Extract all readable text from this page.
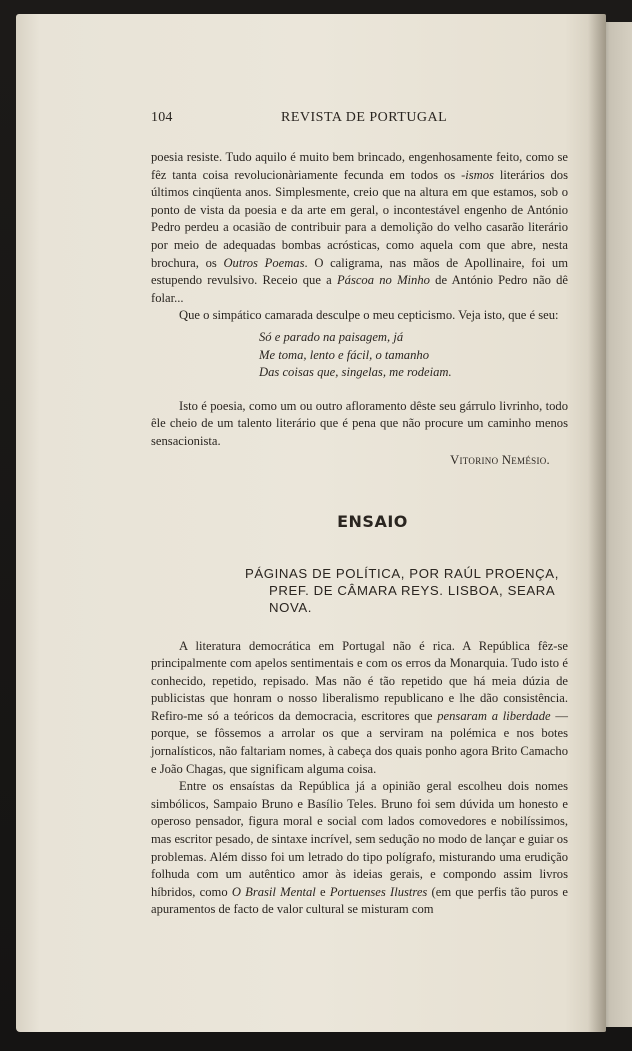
104	REVISTA DE PORTUGAL

poesia resiste. Tudo aquilo é muito bem brincado, engenhosamente feito, como se fêz tanta coisa revolucionàriamente fecunda em todos os -ismos literários dos últimos cinqüenta anos. Simplesmente, creio que na altura em que estamos, sob o ponto de vista da poesia e da arte em geral, o incontestável engenho de António Pedro perdeu a ocasião de contribuir para a demolição do velho casarão literário por meio de adequadas bombas acrósticas, como aquela com que abre, nesta brochura, os Outros Poemas. O caligrama, nas mãos de Apollinaire, foi um estupendo revulsivo. Receio que a Páscoa no Minho de António Pedro não dê folar...

Que o simpático camarada desculpe o meu cepticismo. Veja isto, que é seu:

Só e parado na paisagem, já
Me toma, lento e fácil, o tamanho
Das coisas que, singelas, me rodeiam.

Isto é poesia, como um ou outro afloramento dêste seu gárrulo livrinho, todo êle cheio de um talento literário que é pena que não procure um caminho menos sensacionista.

Vitorino Nemésio.
ENSAIO
PÁGINAS DE POLÍTICA, POR RAÚL PROENÇA,
PREF. DE CÂMARA REYS. LISBOA, SEARA
NOVA.

A literatura democrática em Portugal não é rica. A República fêz-se principalmente com apelos sentimentais e com os erros da Monarquia. Tudo isto é conhecido, repetido, repisado. Mas não é tão repetido que há meia dúzia de publicistas que honram o nosso liberalismo republicano e lhe dão consistência. Refiro-me só a teóricos da democracia, escritores que pensaram a liberdade — porque, se fôssemos a arrolar os que a serviram na polémica e nos botes jornalísticos, não faltariam nomes, à cabeça dos quais ponho agora Brito Camacho e João Chagas, que significam alguma coisa.

Entre os ensaístas da República já a opinião geral escolheu dois nomes simbólicos, Sampaio Bruno e Basílio Teles. Bruno foi sem dúvida um honesto e operoso pensador, figura moral e social com lados comovedores e nobilíssimos, mas escritor pesado, de sintaxe incrível, sem sedução no modo de lançar e guiar os problemas. Além disso foi um letrado do tipo polígrafo, misturando uma erudição folhuda com um autêntico amor às ideias gerais, e compondo assim livros híbridos, como O Brasil Mental e Portuenses Ilustres (em que perfis tão puros e apuramentos de facto de valor cultural se misturam com
